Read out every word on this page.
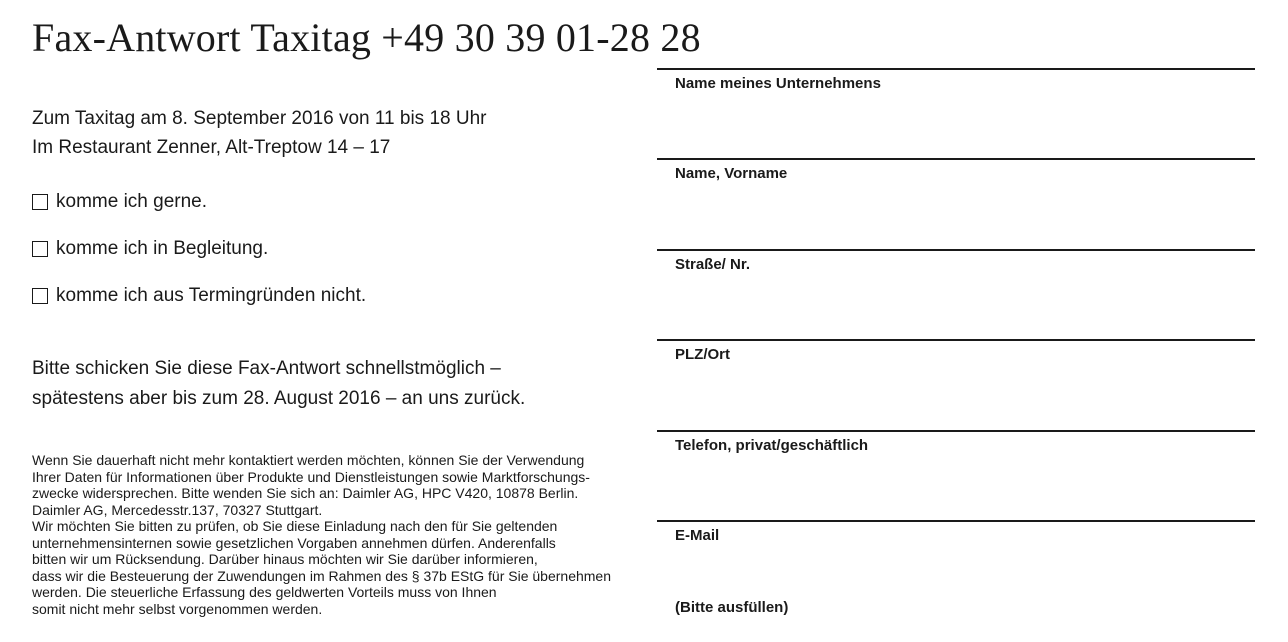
Fax-Antwort Taxitag +49 30 39 01-28 28
Zum Taxitag am 8. September 2016 von 11 bis 18 Uhr
Im Restaurant Zenner, Alt-Treptow 14 – 17
komme ich gerne.
komme ich in Begleitung.
komme ich aus Termingründen nicht.
Bitte schicken Sie diese Fax-Antwort schnellstmöglich –
spätestens aber bis zum 28. August 2016 – an uns zurück.
Wenn Sie dauerhaft nicht mehr kontaktiert werden möchten, können Sie der Verwendung
Ihrer Daten für Informationen über Produkte und Dienstleistungen sowie Marktforschungs-
zwecke widersprechen. Bitte wenden Sie sich an: Daimler AG, HPC V420, 10878 Berlin.
Daimler AG, Mercedesstr.137, 70327 Stuttgart.
Wir möchten Sie bitten zu prüfen, ob Sie diese Einladung nach den für Sie geltenden
unternehmensinternen sowie gesetzlichen Vorgaben annehmen dürfen. Anderenfalls
bitten wir um Rücksendung. Darüber hinaus möchten wir Sie darüber informieren,
dass wir die Besteuerung der Zuwendungen im Rahmen des § 37b EStG für Sie übernehmen
werden. Die steuerliche Erfassung des geldwerten Vorteils muss von Ihnen
somit nicht mehr selbst vorgenommen werden.
Name meines Unternehmens
Name, Vorname
Straße/ Nr.
PLZ/Ort
Telefon, privat/geschäftlich
E-Mail
(Bitte ausfüllen)
